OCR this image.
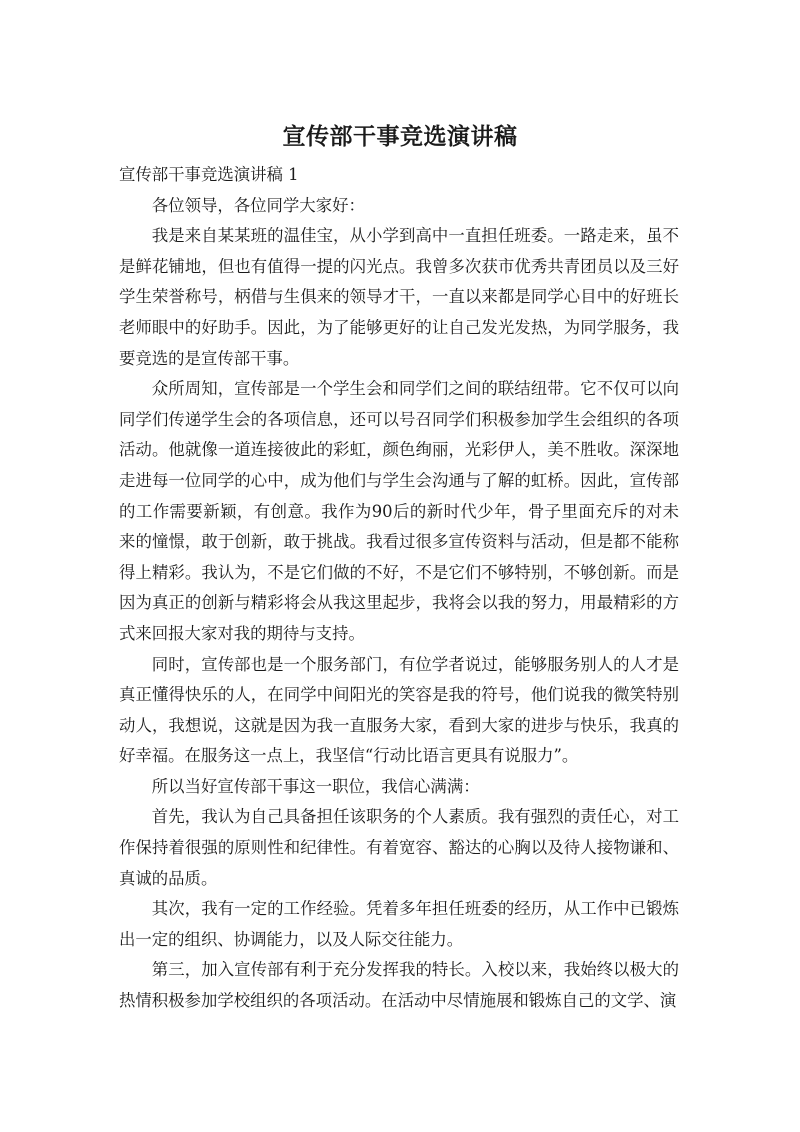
宣传部干事竞选演讲稿

宣传部干事竞选演讲稿 1

各位领导，各位同学大家好：

我是来自某某班的温佳宝，从小学到高中一直担任班委。一路走来，虽不是鲜花铺地，但也有值得一提的闪光点。我曾多次获市优秀共青团员以及三好学生荣誉称号，柄借与生俱来的领导才干，一直以来都是同学心目中的好班长老师眼中的好助手。因此，为了能够更好的让自己发光发热，为同学服务，我要竞选的是宣传部干事。

众所周知，宣传部是一个学生会和同学们之间的联结纽带。它不仅可以向同学们传递学生会的各项信息，还可以号召同学们积极参加学生会组织的各项活动。他就像一道连接彼此的彩虹，颜色绚丽，光彩伊人，美不胜收。深深地走进每一位同学的心中，成为他们与学生会沟通与了解的虹桥。因此，宣传部的工作需要新颖，有创意。我作为90后的新时代少年，骨子里面充斥的对未来的憧憬，敢于创新，敢于挑战。我看过很多宣传资料与活动，但是都不能称得上精彩。我认为，不是它们做的不好，不是它们不够特别，不够创新。而是因为真正的创新与精彩将会从我这里起步，我将会以我的努力，用最精彩的方式来回报大家对我的期待与支持。

同时，宣传部也是一个服务部门，有位学者说过，能够服务别人的人才是真正懂得快乐的人，在同学中间阳光的笑容是我的符号，他们说我的微笑特别动人，我想说，这就是因为我一直服务大家，看到大家的进步与快乐，我真的好幸福。在服务这一点上，我坚信“行动比语言更具有说服力”。

所以当好宣传部干事这一职位，我信心满满：

首先，我认为自己具备担任该职务的个人素质。我有强烈的责任心，对工作保持着很强的原则性和纪律性。有着宽容、豁达的心胸以及待人接物谦和、真诚的品质。

其次，我有一定的工作经验。凭着多年担任班委的经历，从工作中已锻炼出一定的组织、协调能力，以及人际交往能力。

第三，加入宣传部有利于充分发挥我的特长。入校以来，我始终以极大的热情积极参加学校组织的各项活动。在活动中尽情施展和锻炼自己的文学、演
